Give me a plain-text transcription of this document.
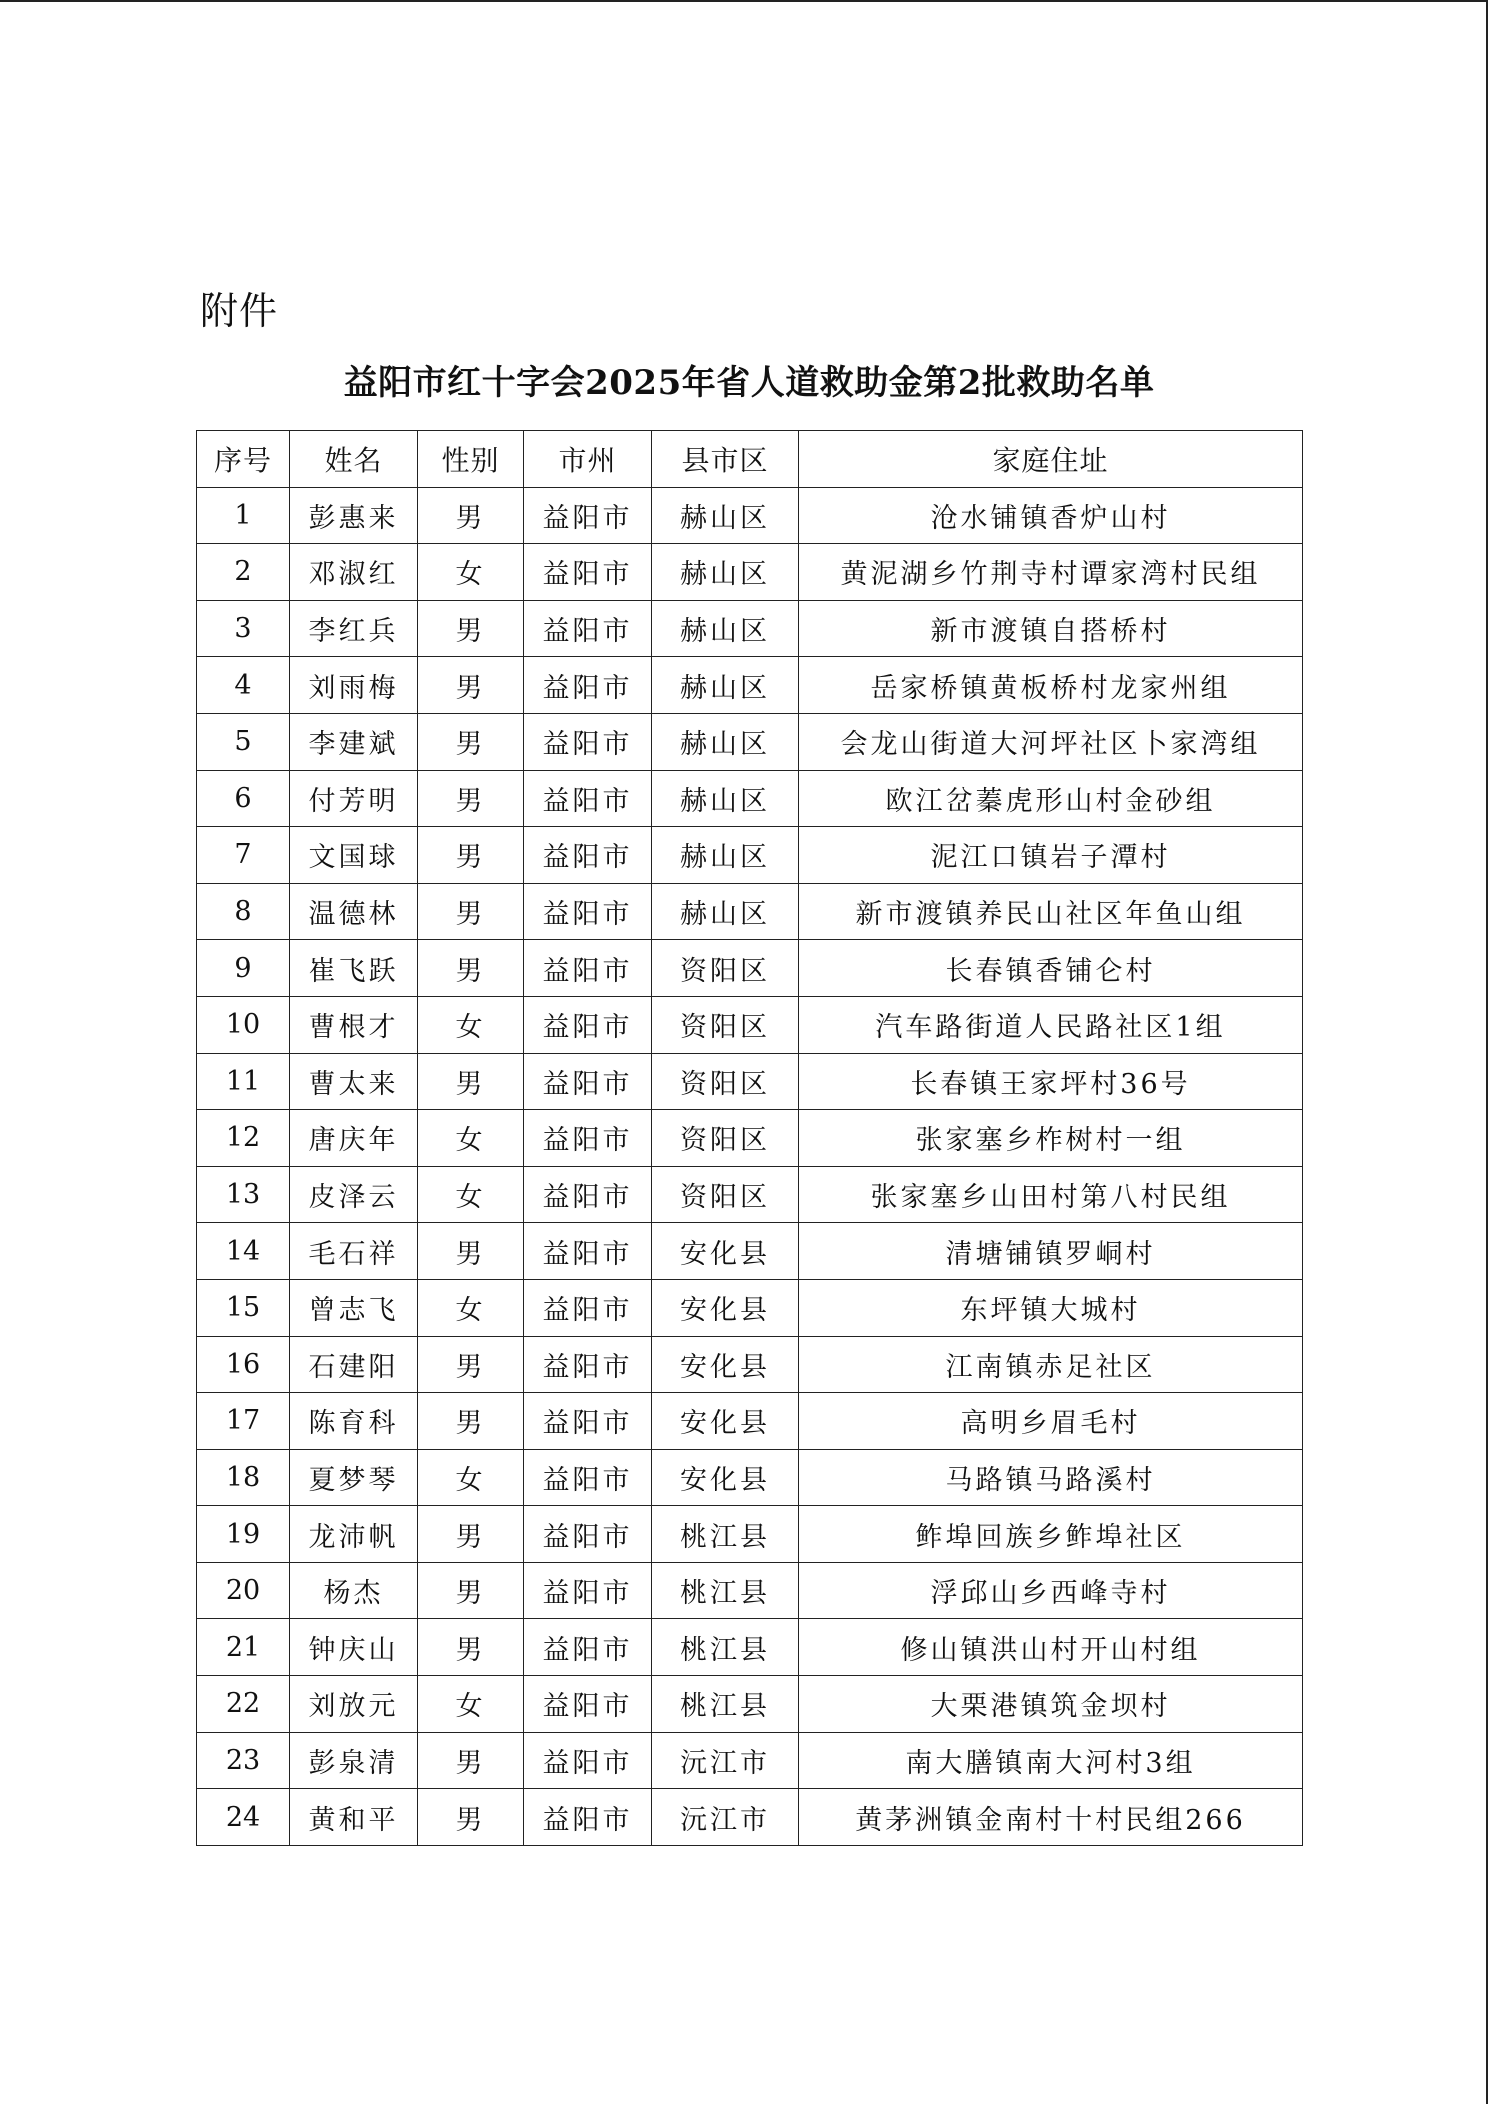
附件
益阳市红十字会2025年省人道救助金第2批救助名单
序号	姓名	性别	市州	县市区	家庭住址
1	彭惠来	男	益阳市	赫山区	沧水铺镇香炉山村
2	邓淑红	女	益阳市	赫山区	黄泥湖乡竹荆寺村谭家湾村民组
3	李红兵	男	益阳市	赫山区	新市渡镇自搭桥村
4	刘雨梅	男	益阳市	赫山区	岳家桥镇黄板桥村龙家州组
5	李建斌	男	益阳市	赫山区	会龙山街道大河坪社区卜家湾组
6	付芳明	男	益阳市	赫山区	欧江岔蓁虎形山村金砂组
7	文国球	男	益阳市	赫山区	泥江口镇岩子潭村
8	温德林	男	益阳市	赫山区	新市渡镇养民山社区年鱼山组
9	崔飞跃	男	益阳市	资阳区	长春镇香铺仑村
10	曹根才	女	益阳市	资阳区	汽车路街道人民路社区1组
11	曹太来	男	益阳市	资阳区	长春镇王家坪村36号
12	唐庆年	女	益阳市	资阳区	张家塞乡柞树村一组
13	皮泽云	女	益阳市	资阳区	张家塞乡山田村第八村民组
14	毛石祥	男	益阳市	安化县	清塘铺镇罗峒村
15	曾志飞	女	益阳市	安化县	东坪镇大城村
16	石建阳	男	益阳市	安化县	江南镇赤足社区
17	陈育科	男	益阳市	安化县	高明乡眉毛村
18	夏梦琴	女	益阳市	安化县	马路镇马路溪村
19	龙沛帆	男	益阳市	桃江县	鲊埠回族乡鲊埠社区
20	杨杰	男	益阳市	桃江县	浮邱山乡西峰寺村
21	钟庆山	男	益阳市	桃江县	修山镇洪山村开山村组
22	刘放元	女	益阳市	桃江县	大栗港镇筑金坝村
23	彭泉清	男	益阳市	沅江市	南大膳镇南大河村3组
24	黄和平	男	益阳市	沅江市	黄茅洲镇金南村十村民组266
